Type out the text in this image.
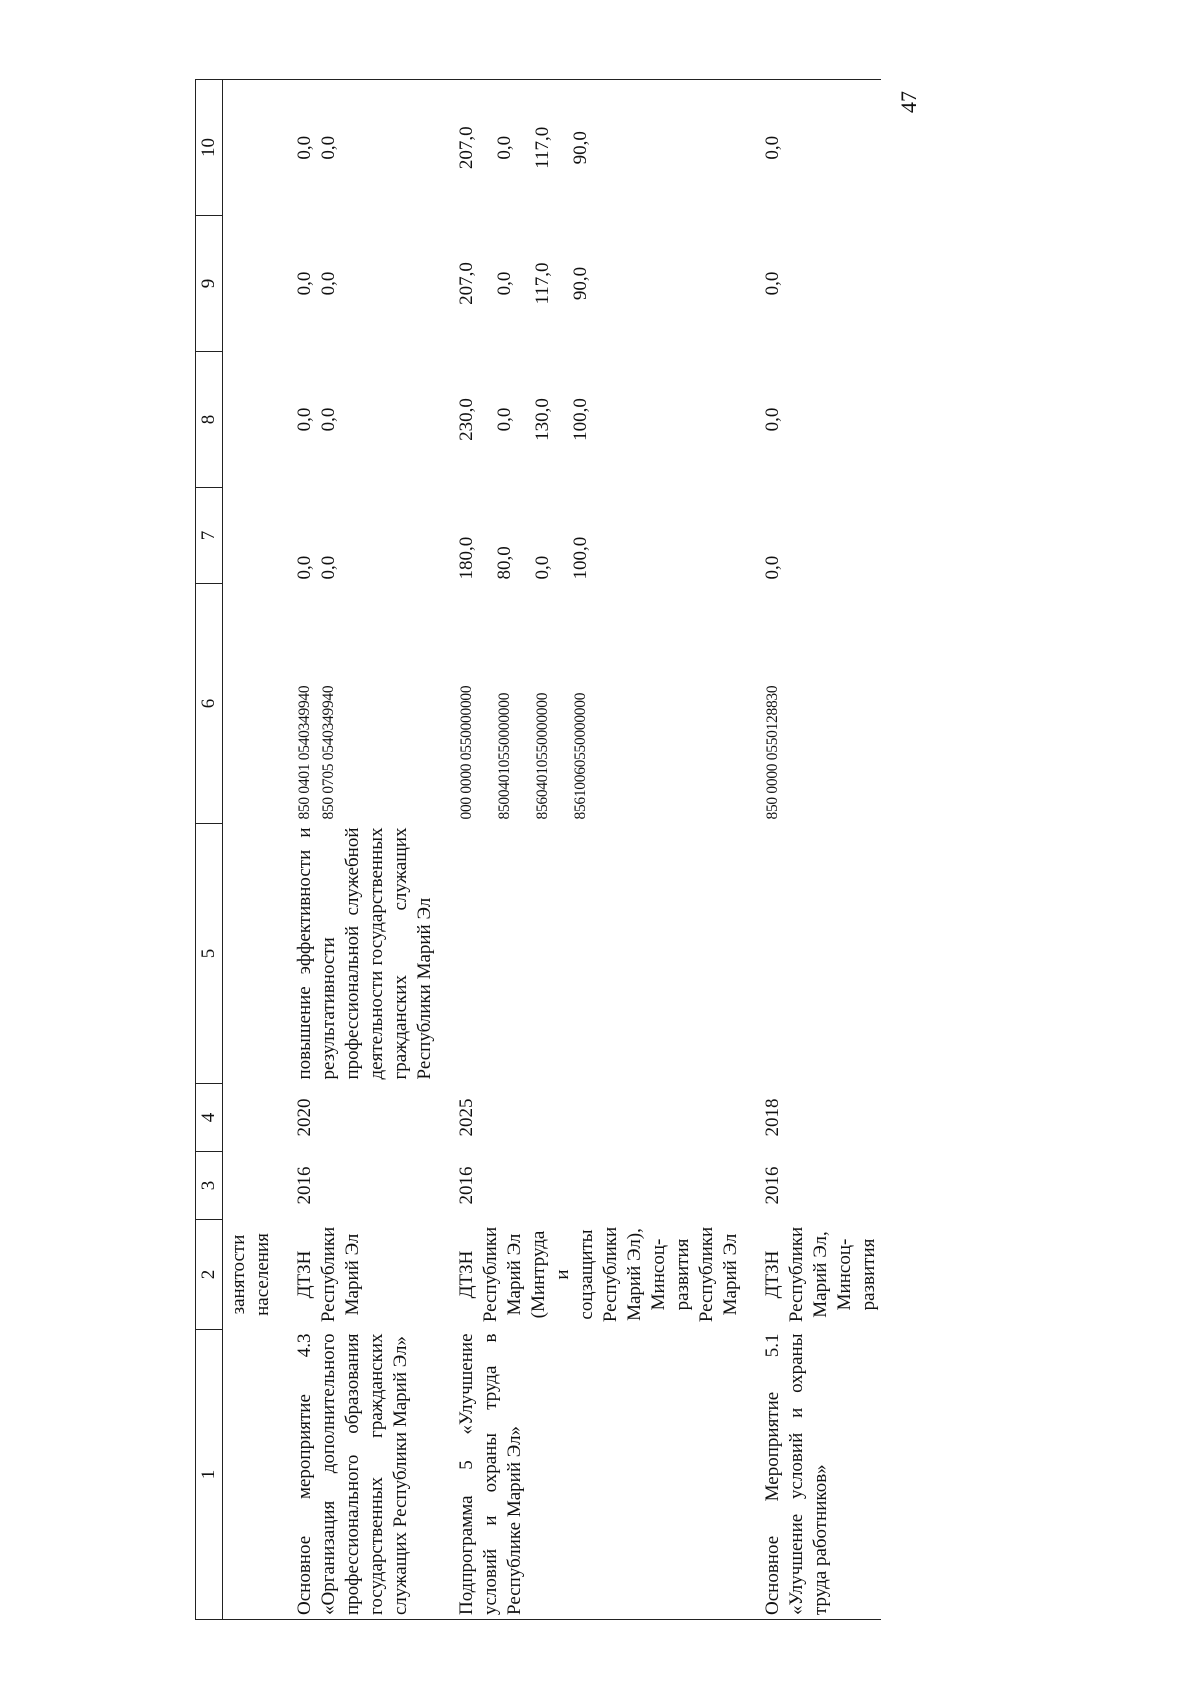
47
1	2	3	4	5	6	7	8	9	10
	занятости населения								

Основное мероприятие 4.3 «Организация дополнительного профессионального образования государственных гражданских служащих Республики Марий Эл»	ДТЗН Республики Марий Эл	2016	2020	повышение эффективности и результативности профессиональной служебной деятельности государственных гражданских служащих Республики Марий Эл	850 0401 0540349940 850 0705 0540349940	0,0 0,0	0,0 0,0	0,0 0,0	0,0 0,0

Подпрограмма 5 «Улучшение условий и охраны труда в Республике Марий Эл»	ДТЗН Республики Марий Эл (Минтруда и соцзащиты Республики Марий Эл), Минсоц-развития Республики Марий Эл	2016	2025		000 0000 0550000000 85004010550000000 85604010550000000 85610060550000000	180,0 80,0 0,0 100,0	230,0 0,0 130,0 100,0	207,0 0,0 117,0 90,0	207,0 0,0 117,0 90,0

Основное Мероприятие 5.1 «Улучшение условий и охраны труда работников»	ДТЗН Республики Марий Эл, Минсоц-развития	2016	2018		850 0000 0550128830	0,0	0,0	0,0	0,0
